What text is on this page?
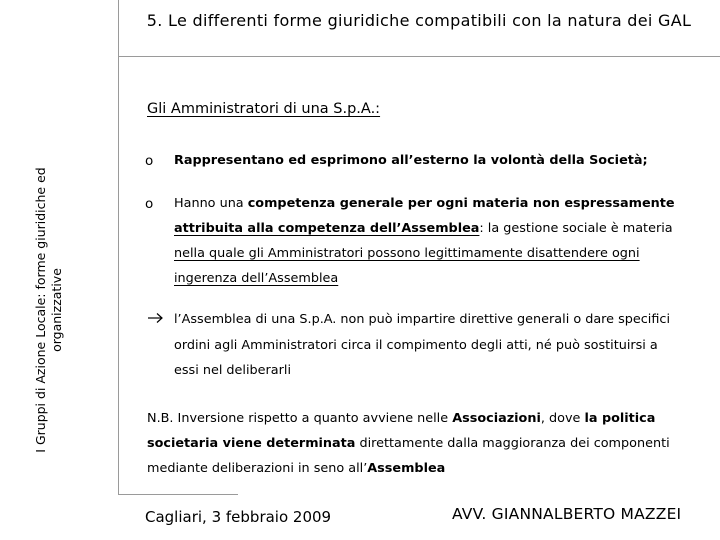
5. Le differenti forme giuridiche compatibili con la natura dei GAL
I Gruppi di Azione Locale: forme giuridiche ed organizzative
Gli Amministratori di una S.p.A.:
o Rappresentano ed esprimono all’esterno la volontà della Società;
o Hanno una competenza generale per ogni materia non espressamente
attribuita alla competenza dell’Assemblea: la gestione sociale è materia
nella quale gli Amministratori possono legittimamente disattendere ogni
ingerenza dell’Assemblea
l’Assemblea di una S.p.A. non può impartire direttive generali o dare specifici
ordini agli Amministratori circa il compimento degli atti, né può sostituirsi a
essi nel deliberarli
N.B. Inversione rispetto a quanto avviene nelle Associazioni, dove la politica
societaria viene determinata direttamente dalla maggioranza dei componenti
mediante deliberazioni in seno all’Assemblea
Cagliari, 3 febbraio 2009	AVV. GIANNALBERTO MAZZEI
